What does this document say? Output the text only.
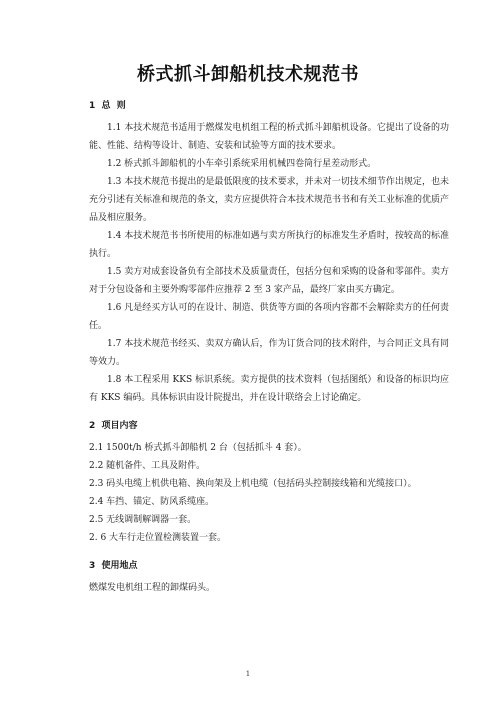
桥式抓斗卸船机技术规范书

1  总  则

1.1 本技术规范书适用于燃煤发电机组工程的桥式抓斗卸船机设备。它提出了设备的功能、性能、结构等设计、制造、安装和试验等方面的技术要求。

1.2 桥式抓斗卸船机的小车牵引系统采用机械四卷筒行星差动形式。

1.3 本技术规范书提出的是最低限度的技术要求，并未对一切技术细节作出规定，也未充分引述有关标准和规范的条文，卖方应提供符合本技术规范书书和有关工业标准的优质产品及相应服务。

1.4 本技术规范书书所使用的标准如遇与卖方所执行的标准发生矛盾时，按较高的标准执行。

1.5 卖方对成套设备负有全部技术及质量责任，包括分包和采购的设备和零部件。卖方对于分包设备和主要外购零部件应推荐 2 至 3 家产品，最终厂家由买方确定。

1.6 凡是经买方认可的在设计、制造、供货等方面的各项内容都不会解除卖方的任何责任。

1.7 本技术规范书经买、卖双方确认后，作为订货合同的技术附件，与合同正文具有同等效力。

1.8 本工程采用 KKS 标识系统。卖方提供的技术资料（包括图纸）和设备的标识均应有 KKS 编码。具体标识由设计院提出，并在设计联络会上讨论确定。

2  项目内容

2.1 1500t/h 桥式抓斗卸船机 2 台（包括抓斗 4 套）。

2.2 随机备件、工具及附件。

2.3 码头电缆上机供电箱、换向架及上机电缆（包括码头控制接线箱和光缆接口）。

2.4 车挡、锚定、防风系缆座。

2.5 无线调制解调器一套。

2. 6 大车行走位置检测装置一套。

3  使用地点

燃煤发电机组工程的卸煤码头。

1
